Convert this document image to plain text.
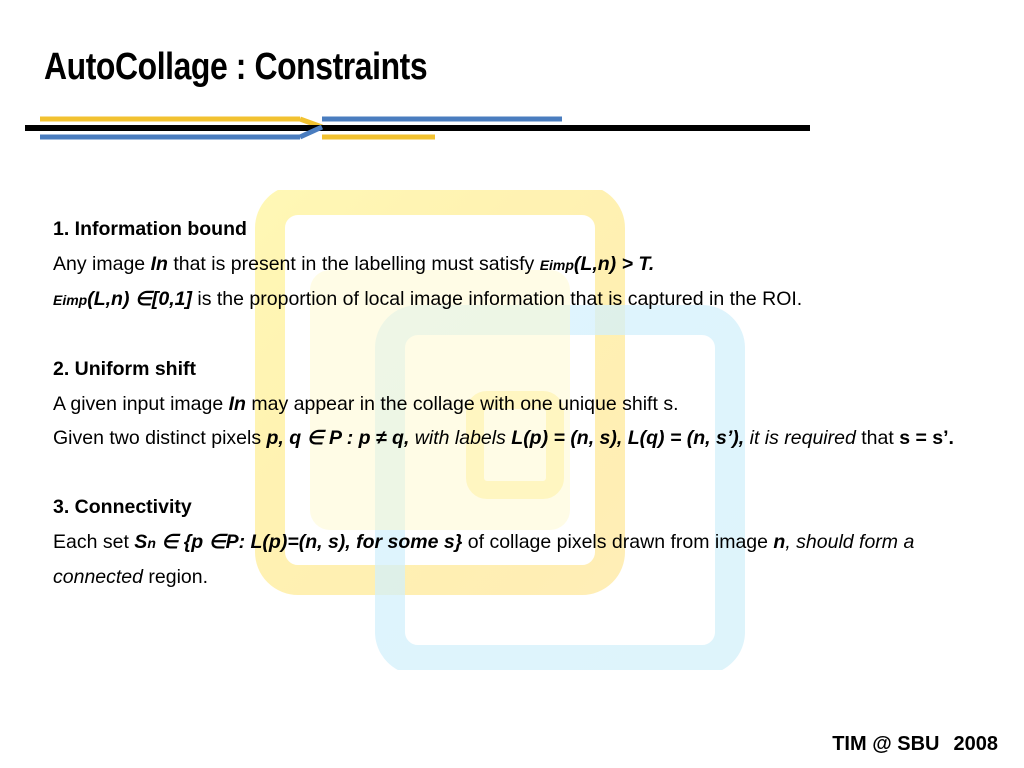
AutoCollage : Constraints
1. Information bound
Any image In that is present in the labelling must satisfy Eimp(L,n) > T.
Eimp(L,n) ∈[0,1] is the proportion of local image information that is captured in the ROI.
2. Uniform shift
A given input image In may appear in the collage with one unique shift s.
Given two distinct pixels p, q ∈ P : p ≠ q, with labels L(p) = (n, s), L(q) = (n, s’), it is required that s = s’.
3. Connectivity
Each set Sn ∈ {p ∈P: L(p)=(n, s), for some s} of collage pixels drawn from image n, should form a connected region.
TIM @ SBU 2008
